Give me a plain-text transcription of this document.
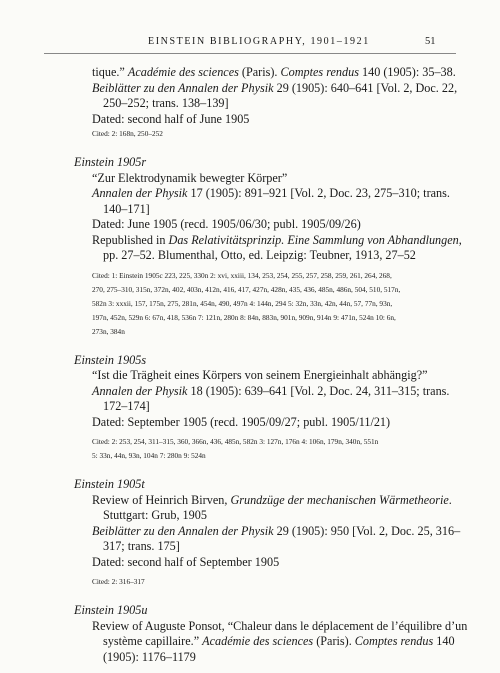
EINSTEIN BIBLIOGRAPHY, 1901–1921	51
tique.” Académie des sciences (Paris). Comptes rendus 140 (1905): 35–38.
Beiblätter zu den Annalen der Physik 29 (1905): 640–641 [Vol. 2, Doc. 22,
250–252; trans. 138–139]
Dated: second half of June 1905
Cited: 2: 168n, 250–252
Einstein 1905r
“Zur Elektrodynamik bewegter Körper”
Annalen der Physik 17 (1905): 891–921 [Vol. 2, Doc. 23, 275–310; trans.
140–171]
Dated: June 1905 (recd. 1905/06/30; publ. 1905/09/26)
Republished in Das Relativitätsprinzip. Eine Sammlung von Abhandlungen,
pp. 27–52. Blumenthal, Otto, ed. Leipzig: Teubner, 1913, 27–52
Cited: 1: Einstein 1905c 223, 225, 330n 2: xvi, xxiii, 134, 253, 254, 255, 257, 258, 259, 261, 264, 268,
270, 275–310, 315n, 372n, 402, 403n, 412n, 416, 417, 427n, 428n, 435, 436, 485n, 486n, 504, 510, 517n,
582n 3: xxxii, 157, 175n, 275, 281n, 454n, 490, 497n 4: 144n, 294 5: 32n, 33n, 42n, 44n, 57, 77n, 93n,
197n, 452n, 529n 6: 67n, 418, 536n 7: 121n, 280n 8: 84n, 883n, 901n, 909n, 914n 9: 471n, 524n 10: 6n,
273n, 384n
Einstein 1905s
“Ist die Trägheit eines Körpers von seinem Energieinhalt abhängig?”
Annalen der Physik 18 (1905): 639–641 [Vol. 2, Doc. 24, 311–315; trans.
172–174]
Dated: September 1905 (recd. 1905/09/27; publ. 1905/11/21)
Cited: 2: 253, 254, 311–315, 360, 366n, 436, 485n, 582n 3: 127n, 176n 4: 106n, 179n, 340n, 551n
5: 33n, 44n, 93n, 104n 7: 280n 9: 524n
Einstein 1905t
Review of Heinrich Birven, Grundzüge der mechanischen Wärmetheorie.
Stuttgart: Grub, 1905
Beiblätter zu den Annalen der Physik 29 (1905): 950 [Vol. 2, Doc. 25, 316–
317; trans. 175]
Dated: second half of September 1905
Cited: 2: 316–317
Einstein 1905u
Review of Auguste Ponsot, “Chaleur dans le déplacement de l’équilibre d’un
système capillaire.” Académie des sciences (Paris). Comptes rendus 140
(1905): 1176–1179
